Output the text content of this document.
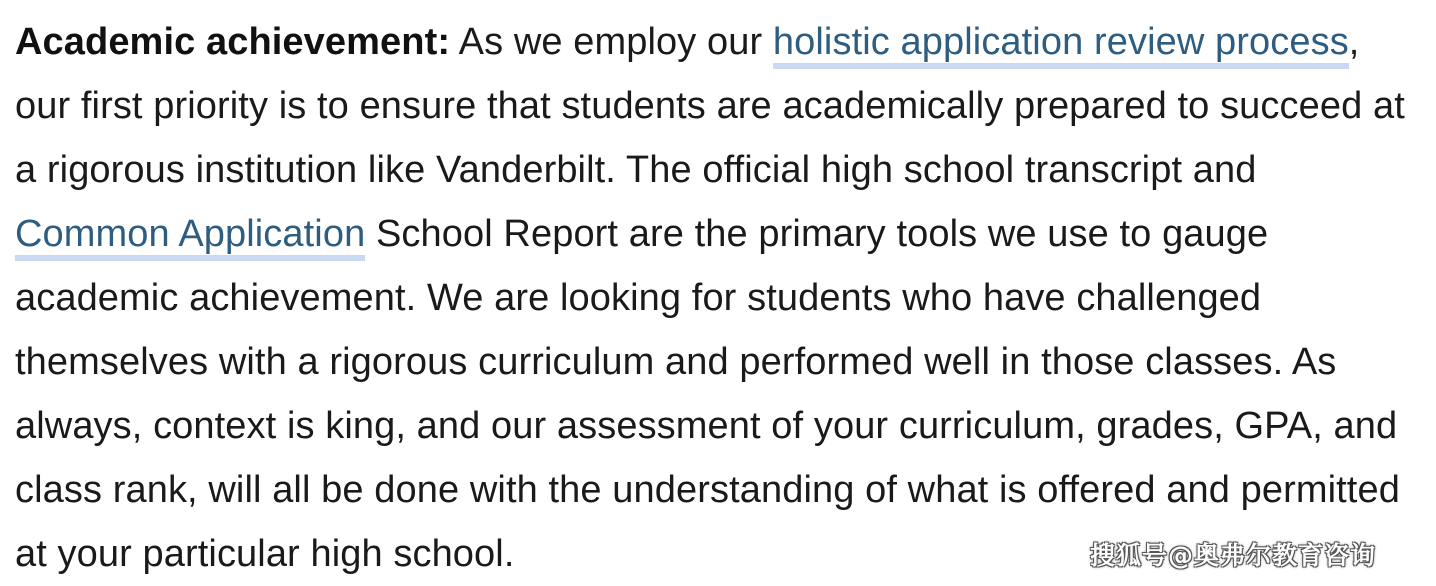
Academic achievement: As we employ our holistic application review process,
our first priority is to ensure that students are academically prepared to succeed at
a rigorous institution like Vanderbilt. The official high school transcript and
Common Application School Report are the primary tools we use to gauge
academic achievement. We are looking for students who have challenged
themselves with a rigorous curriculum and performed well in those classes. As
always, context is king, and our assessment of your curriculum, grades, GPA, and
class rank, will all be done with the understanding of what is offered and permitted
at your particular high school.	搜狐号@奥弗尔教育咨询
